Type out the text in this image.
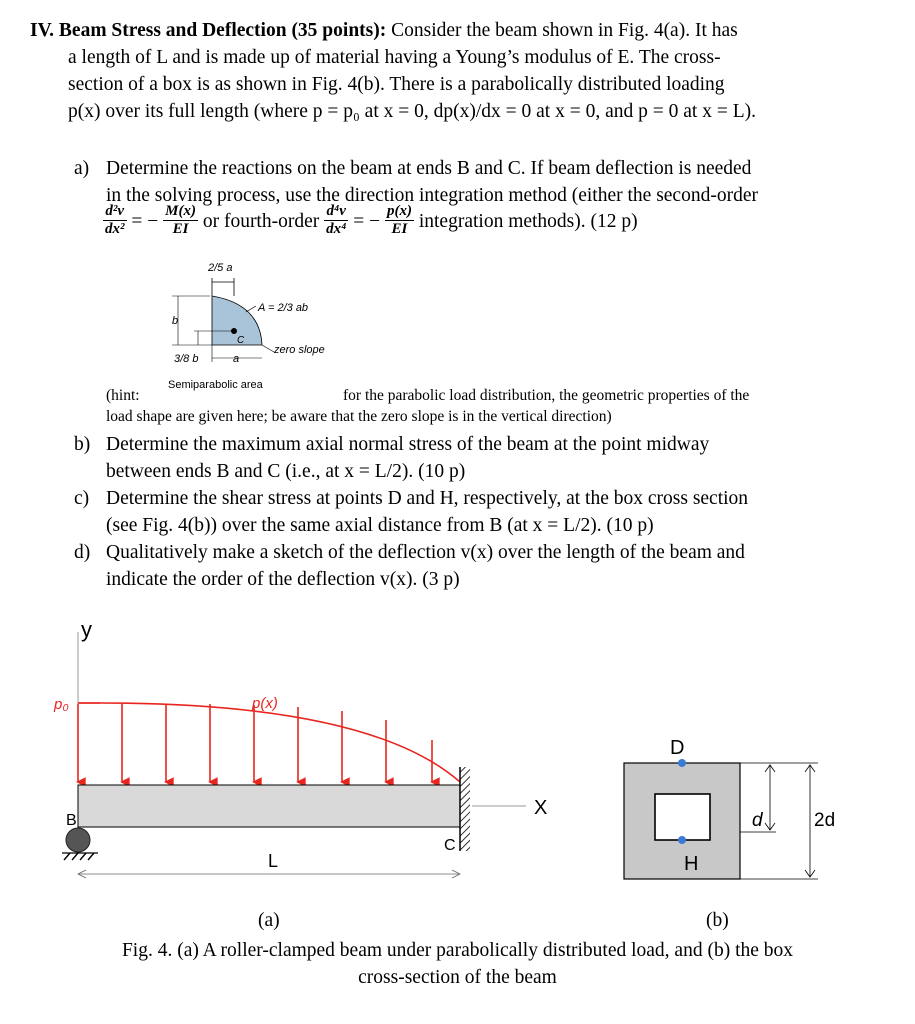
IV. Beam Stress and Deflection (35 points): Consider the beam shown in Fig. 4(a). It has
a length of L and is made up of material having a Young’s modulus of E. The cross-
section of a box is as shown in Fig. 4(b). There is a parabolically distributed loading
p(x) over its full length (where p = p₀ at x = 0, dp(x)/dx = 0 at x = 0, and p = 0 at x = L).
a) Determine the reactions on the beam at ends B and C. If beam deflection is needed
in the solving process, use the direction integration method (either the second-order
$\frac{\text{d²v}}{\text{dx²}}$ = − $\frac{M(x)}{EI}$ or fourth-order $\frac{\text{d⁴v}}{\text{dx⁴}}$ = − $\frac{p(x)}{EI}$ integration methods). (12 p)
2/5 a
C
A = 2/3 ab
b
3/8 b	a
zero slope
Semiparabolic area
(hint:	for the parabolic load distribution, the geometric properties of the
load shape are given here; be aware that the zero slope is in the vertical direction)
b) Determine the maximum axial normal stress of the beam at the point midway
between ends B and C (i.e., at x = L/2). (10 p)
c) Determine the shear stress at points D and H, respectively, at the box cross section
(see Fig. 4(b)) over the same axial distance from B (at x = L/2). (10 p)
d) Qualitatively make a sketch of the deflection v(x) over the length of the beam and
indicate the order of the deflection v(x). (3 p)
y
p₀	p(x)
C
B
X
L
D
H
d	2d
(a)	(b)
Fig. 4. (a) A roller-clamped beam under parabolically distributed load, and (b) the box
cross-section of the beam
